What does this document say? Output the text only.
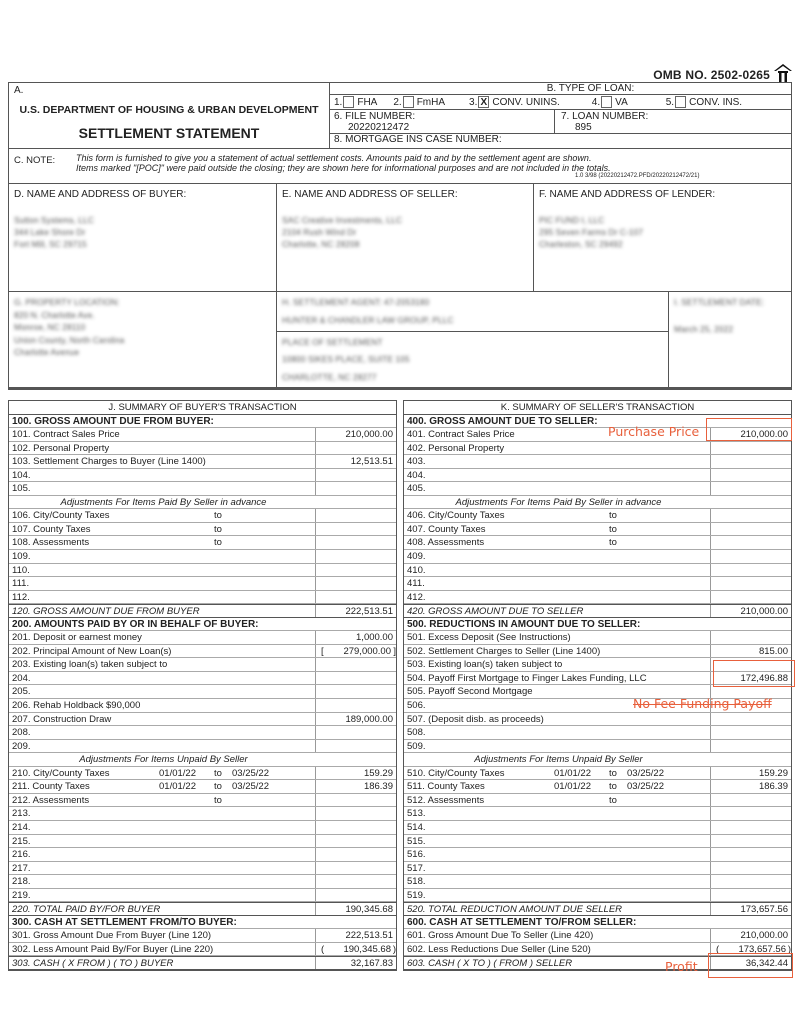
OMB NO. 2502-0265
A.
U.S. DEPARTMENT OF HOUSING & URBAN DEVELOPMENT
SETTLEMENT STATEMENT
B. TYPE OF LOAN:
1. FHA 2. FmHA 3. X CONV. UNINS.	4. VA	5. CONV. INS.
6. FILE NUMBER:
20220212472
7. LOAN NUMBER:
895
8. MORTGAGE INS CASE NUMBER:
C. NOTE: This form is furnished to give you a statement of actual settlement costs. Amounts paid to and by the settlement agent are shown.
Items marked "[POC]" were paid outside the closing; they are shown here for informational purposes and are not included in the totals.
1.0 3/98 (20220212472.PFD/20220212472/21)
D. NAME AND ADDRESS OF BUYER:
Sutton Systems, LLC
344 Lake Shore Dr
Fort Mill, SC 29715
E. NAME AND ADDRESS OF SELLER:
SAC Creative Investments, LLC
2104 Rush Wind Dr
Charlotte, NC 28208
F. NAME AND ADDRESS OF LENDER:
PIC FUND I, LLC
295 Seven Farms Dr C-107
Charleston, SC 29492
G. PROPERTY LOCATION:
820 N. Charlotte Ave.
Monroe, NC 28110
Union County, North Carolina
Charlotte Avenue
H. SETTLEMENT AGENT: 47-2053180
HUNTER & CHANDLER LAW GROUP, PLLC
PLACE OF SETTLEMENT
10800 SIKES PLACE, SUITE 105
CHARLOTTE, NC 28277
I. SETTLEMENT DATE:
March 25, 2022
J. SUMMARY OF BUYER'S TRANSACTION
100. GROSS AMOUNT DUE FROM BUYER:
101. Contract Sales Price	210,000.00
102. Personal Property
103. Settlement Charges to Buyer (Line 1400)	12,513.51
104.
105.
Adjustments For Items Paid By Seller in advance
106. City/County Taxes	to
107. County Taxes	to
108. Assessments	to
109.
110.
111.
112.
120. GROSS AMOUNT DUE FROM BUYER	222,513.51
200. AMOUNTS PAID BY OR IN BEHALF OF BUYER:
201. Deposit or earnest money	1,000.00
202. Principal Amount of New Loan(s)	[ 279,000.00 ]
203. Existing loan(s) taken subject to
204.
205.
206. Rehab Holdback $90,000
207. Construction Draw	189,000.00
208.
209.
Adjustments For Items Unpaid By Seller
210. City/County Taxes	01/01/22 to 03/25/22	159.29
211. County Taxes	01/01/22 to 03/25/22	186.39
212. Assessments	to
213.
214.
215.
216.
217.
218.
219.
220. TOTAL PAID BY/FOR BUYER	190,345.68
300. CASH AT SETTLEMENT FROM/TO BUYER:
301. Gross Amount Due From Buyer (Line 120)	222,513.51
302. Less Amount Paid By/For Buyer (Line 220)	( 190,345.68 )
303. CASH ( X FROM ) ( TO ) BUYER	32,167.83
K. SUMMARY OF SELLER'S TRANSACTION
400. GROSS AMOUNT DUE TO SELLER:
401. Contract Sales Price	210,000.00
402. Personal Property
403.
404.
405.
Adjustments For Items Paid By Seller in advance
406. City/County Taxes	to
407. County Taxes	to
408. Assessments	to
409.
410.
411.
412.
420. GROSS AMOUNT DUE TO SELLER	210,000.00
500. REDUCTIONS IN AMOUNT DUE TO SELLER:
501. Excess Deposit (See Instructions)
502. Settlement Charges to Seller (Line 1400)	815.00
503. Existing loan(s) taken subject to
504. Payoff First Mortgage to Finger Lakes Funding, LLC	172,496.88
505. Payoff Second Mortgage
506.
507. (Deposit disb. as proceeds)
508.
509.
Adjustments For Items Unpaid By Seller
510. City/County Taxes	01/01/22 to 03/25/22	159.29
511. County Taxes	01/01/22 to 03/25/22	186.39
512. Assessments	to
513.
514.
515.
516.
517.
518.
519.
520. TOTAL REDUCTION AMOUNT DUE SELLER	173,657.56
600. CASH AT SETTLEMENT TO/FROM SELLER:
601. Gross Amount Due To Seller (Line 420)	210,000.00
602. Less Reductions Due Seller (Line 520)	( 173,657.56 )
603. CASH ( X TO ) ( FROM ) SELLER	36,342.44
Purchase Price
No Fee Funding Payoff
Profit
